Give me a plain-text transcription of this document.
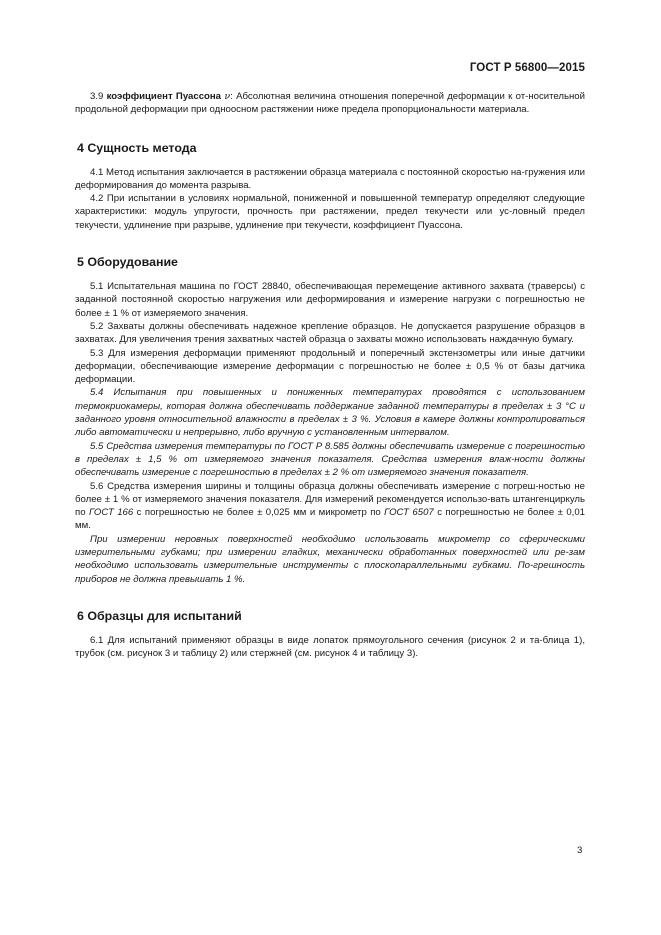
ГОСТ Р 56800—2015

3.9 коэффициент Пуассона ν: Абсолютная величина отношения поперечной деформации к от-носительной продольной деформации при одноосном растяжении ниже предела пропорциональности материала.

4 Сущность метода

4.1 Метод испытания заключается в растяжении образца материала с постоянной скоростью на-гружения или деформирования до момента разрыва.

4.2 При испытании в условиях нормальной, пониженной и повышенной температур определяют следующие характеристики: модуль упругости, прочность при растяжении, предел текучести или ус-ловный предел текучести, удлинение при разрыве, удлинение при текучести, коэффициент Пуассона.

5 Оборудование

5.1 Испытательная машина по ГОСТ 28840, обеспечивающая перемещение активного захвата (траверсы) с заданной постоянной скоростью нагружения или деформирования и измерение нагрузки с погрешностью не более ± 1 % от измеряемого значения.

5.2 Захваты должны обеспечивать надежное крепление образцов. Не допускается разрушение образцов в захватах. Для увеличения трения захватных частей образца о захваты можно использовать наждачную бумагу.

5.3 Для измерения деформации применяют продольный и поперечный экстензометры или иные датчики деформации, обеспечивающие измерение деформации с погрешностью не более ± 0,5 % от базы датчика деформации.

5.4 Испытания при повышенных и пониженных температурах проводятся с использованием термокриокамеры, которая должна обеспечивать поддержание заданной температуры в пределах ± 3 °С и заданного уровня относительной влажности в пределах ± 3 %. Условия в камере должны контролироваться либо автоматически и непрерывно, либо вручную с установленным интервалом.

5.5 Средства измерения температуры по ГОСТ Р 8.585 должны обеспечивать измерение с погрешностью в пределах ± 1,5 % от измеряемого значения показателя. Средства измерения влаж-ности должны обеспечивать измерение с погрешностью в пределах ± 2 % от измеряемого значения показателя.

5.6 Средства измерения ширины и толщины образца должны обеспечивать измерение с погреш-ностью не более ± 1 % от измеряемого значения показателя. Для измерений рекомендуется использо-вать штангенциркуль по ГОСТ 166 с погрешностью не более ± 0,025 мм и микрометр по ГОСТ 6507 с погрешностью не более ± 0,01 мм.

При измерении неровных поверхностей необходимо использовать микрометр со сферическими измерительными губками; при измерении гладких, механически обработанных поверхностей или ре-зам необходимо использовать измерительные инструменты с плоскопараллельными губками. По-грешность приборов не должна превышать 1 %.

6 Образцы для испытаний

6.1 Для испытаний применяют образцы в виде лопаток прямоугольного сечения (рисунок 2 и та-блица 1), трубок (см. рисунок 3 и таблицу 2) или стержней (см. рисунок 4 и таблицу 3).

3
